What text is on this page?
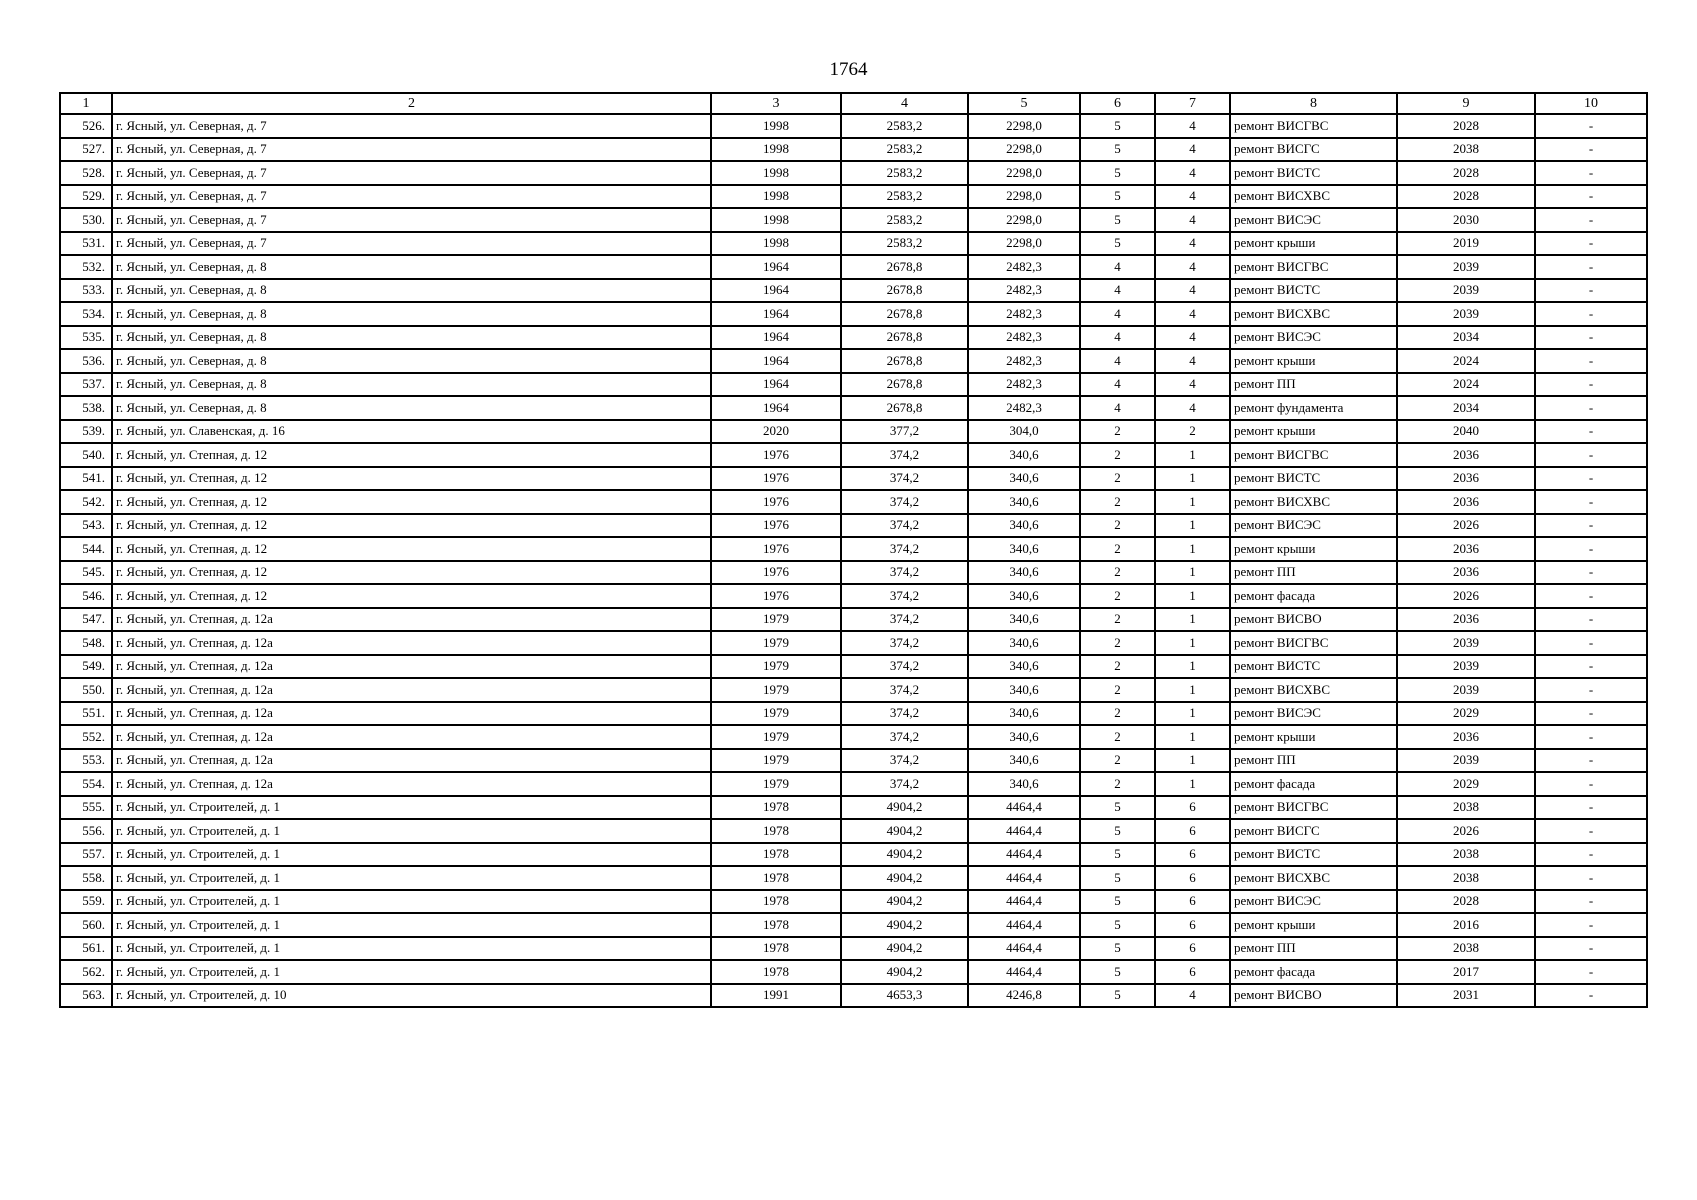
1764
1	2	3	4	5	6	7	8	9	10
526.	г. Ясный, ул. Северная, д. 7	1998	2583,2	2298,0	5	4	ремонт ВИСГВС	2028	-
527.	г. Ясный, ул. Северная, д. 7	1998	2583,2	2298,0	5	4	ремонт ВИСГС	2038	-
528.	г. Ясный, ул. Северная, д. 7	1998	2583,2	2298,0	5	4	ремонт ВИСТС	2028	-
529.	г. Ясный, ул. Северная, д. 7	1998	2583,2	2298,0	5	4	ремонт ВИСХВС	2028	-
530.	г. Ясный, ул. Северная, д. 7	1998	2583,2	2298,0	5	4	ремонт ВИСЭС	2030	-
531.	г. Ясный, ул. Северная, д. 7	1998	2583,2	2298,0	5	4	ремонт крыши	2019	-
532.	г. Ясный, ул. Северная, д. 8	1964	2678,8	2482,3	4	4	ремонт ВИСГВС	2039	-
533.	г. Ясный, ул. Северная, д. 8	1964	2678,8	2482,3	4	4	ремонт ВИСТС	2039	-
534.	г. Ясный, ул. Северная, д. 8	1964	2678,8	2482,3	4	4	ремонт ВИСХВС	2039	-
535.	г. Ясный, ул. Северная, д. 8	1964	2678,8	2482,3	4	4	ремонт ВИСЭС	2034	-
536.	г. Ясный, ул. Северная, д. 8	1964	2678,8	2482,3	4	4	ремонт крыши	2024	-
537.	г. Ясный, ул. Северная, д. 8	1964	2678,8	2482,3	4	4	ремонт ПП	2024	-
538.	г. Ясный, ул. Северная, д. 8	1964	2678,8	2482,3	4	4	ремонт фундамента	2034	-
539.	г. Ясный, ул. Славенская, д. 16	2020	377,2	304,0	2	2	ремонт крыши	2040	-
540.	г. Ясный, ул. Степная, д. 12	1976	374,2	340,6	2	1	ремонт ВИСГВС	2036	-
541.	г. Ясный, ул. Степная, д. 12	1976	374,2	340,6	2	1	ремонт ВИСТС	2036	-
542.	г. Ясный, ул. Степная, д. 12	1976	374,2	340,6	2	1	ремонт ВИСХВС	2036	-
543.	г. Ясный, ул. Степная, д. 12	1976	374,2	340,6	2	1	ремонт ВИСЭС	2026	-
544.	г. Ясный, ул. Степная, д. 12	1976	374,2	340,6	2	1	ремонт крыши	2036	-
545.	г. Ясный, ул. Степная, д. 12	1976	374,2	340,6	2	1	ремонт ПП	2036	-
546.	г. Ясный, ул. Степная, д. 12	1976	374,2	340,6	2	1	ремонт фасада	2026	-
547.	г. Ясный, ул. Степная, д. 12а	1979	374,2	340,6	2	1	ремонт ВИСВО	2036	-
548.	г. Ясный, ул. Степная, д. 12а	1979	374,2	340,6	2	1	ремонт ВИСГВС	2039	-
549.	г. Ясный, ул. Степная, д. 12а	1979	374,2	340,6	2	1	ремонт ВИСТС	2039	-
550.	г. Ясный, ул. Степная, д. 12а	1979	374,2	340,6	2	1	ремонт ВИСХВС	2039	-
551.	г. Ясный, ул. Степная, д. 12а	1979	374,2	340,6	2	1	ремонт ВИСЭС	2029	-
552.	г. Ясный, ул. Степная, д. 12а	1979	374,2	340,6	2	1	ремонт крыши	2036	-
553.	г. Ясный, ул. Степная, д. 12а	1979	374,2	340,6	2	1	ремонт ПП	2039	-
554.	г. Ясный, ул. Степная, д. 12а	1979	374,2	340,6	2	1	ремонт фасада	2029	-
555.	г. Ясный, ул. Строителей, д. 1	1978	4904,2	4464,4	5	6	ремонт ВИСГВС	2038	-
556.	г. Ясный, ул. Строителей, д. 1	1978	4904,2	4464,4	5	6	ремонт ВИСГС	2026	-
557.	г. Ясный, ул. Строителей, д. 1	1978	4904,2	4464,4	5	6	ремонт ВИСТС	2038	-
558.	г. Ясный, ул. Строителей, д. 1	1978	4904,2	4464,4	5	6	ремонт ВИСХВС	2038	-
559.	г. Ясный, ул. Строителей, д. 1	1978	4904,2	4464,4	5	6	ремонт ВИСЭС	2028	-
560.	г. Ясный, ул. Строителей, д. 1	1978	4904,2	4464,4	5	6	ремонт крыши	2016	-
561.	г. Ясный, ул. Строителей, д. 1	1978	4904,2	4464,4	5	6	ремонт ПП	2038	-
562.	г. Ясный, ул. Строителей, д. 1	1978	4904,2	4464,4	5	6	ремонт фасада	2017	-
563.	г. Ясный, ул. Строителей, д. 10	1991	4653,3	4246,8	5	4	ремонт ВИСВО	2031	-
